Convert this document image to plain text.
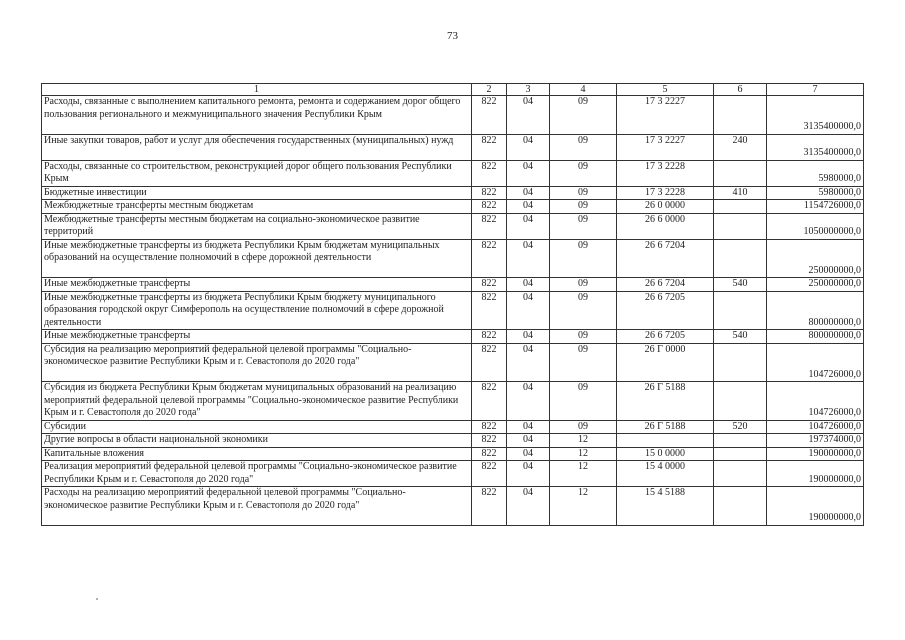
73
1	2	3	4	5	6	7
Расходы, связанные с выполнением капитального ремонта, ремонта и содержанием дорог общего пользования регионального и межмуниципального значения Республики Крым	822	04	09	17 3 2227		3135400000,0
Иные закупки товаров, работ и услуг для обеспечения государственных (муниципальных) нужд	822	04	09	17 3 2227	240	3135400000,0
Расходы, связанные со строительством, реконструкцией дорог общего пользования Республики Крым	822	04	09	17 3 2228		5980000,0
Бюджетные инвестиции	822	04	09	17 3 2228	410	5980000,0
Межбюджетные трансферты местным бюджетам	822	04	09	26 0 0000		1154726000,0
Межбюджетные трансферты местным бюджетам на социально-экономическое развитие территорий	822	04	09	26 6 0000		1050000000,0
Иные межбюджетные трансферты из бюджета Республики Крым бюджетам муниципальных образований на осуществление полномочий в сфере дорожной деятельности	822	04	09	26 6 7204		250000000,0
Иные межбюджетные трансферты	822	04	09	26 6 7204	540	250000000,0
Иные межбюджетные трансферты из бюджета Республики Крым бюджету муниципального образования городской округ Симферополь на осуществление полномочий в сфере дорожной деятельности	822	04	09	26 6 7205		800000000,0
Иные межбюджетные трансферты	822	04	09	26 6 7205	540	800000000,0
Субсидия на реализацию мероприятий федеральной целевой программы "Социально-экономическое развитие Республики Крым и г. Севастополя до 2020 года"	822	04	09	26 Г 0000		104726000,0
Субсидия из бюджета Республики Крым бюджетам муниципальных образований на реализацию мероприятий федеральной целевой программы "Социально-экономическое развитие Республики Крым и г. Севастополя до 2020 года"	822	04	09	26 Г 5188		104726000,0
Субсидии	822	04	09	26 Г 5188	520	104726000,0
Другие вопросы в области национальной экономики	822	04	12			197374000,0
Капитальные вложения	822	04	12	15 0 0000		190000000,0
Реализация мероприятий федеральной целевой программы "Социально-экономическое развитие Республики Крым и г. Севастополя до 2020 года"	822	04	12	15 4 0000		190000000,0
Расходы на реализацию мероприятий федеральной целевой программы "Социально-экономическое развитие Республики Крым и г. Севастополя до 2020 года"	822	04	12	15 4 5188		190000000,0
